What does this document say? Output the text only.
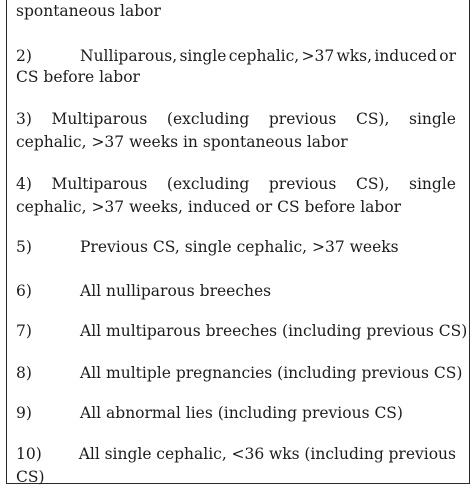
spontaneous labor
2)	Nulliparous, single cephalic, >37 wks, induced or
CS before labor
3) Multiparous (excluding previous CS), single
cephalic, >37 weeks in spontaneous labor
4) Multiparous (excluding previous CS), single
cephalic, >37 weeks, induced or CS before labor
5)	Previous CS, single cephalic, >37 weeks
6)	All nulliparous breeches
7)	All multiparous breeches (including previous CS)
8)	All multiple pregnancies (including previous CS)
9)	All abnormal lies (including previous CS)
10)	All single cephalic, <36 wks (including previous
CS)
